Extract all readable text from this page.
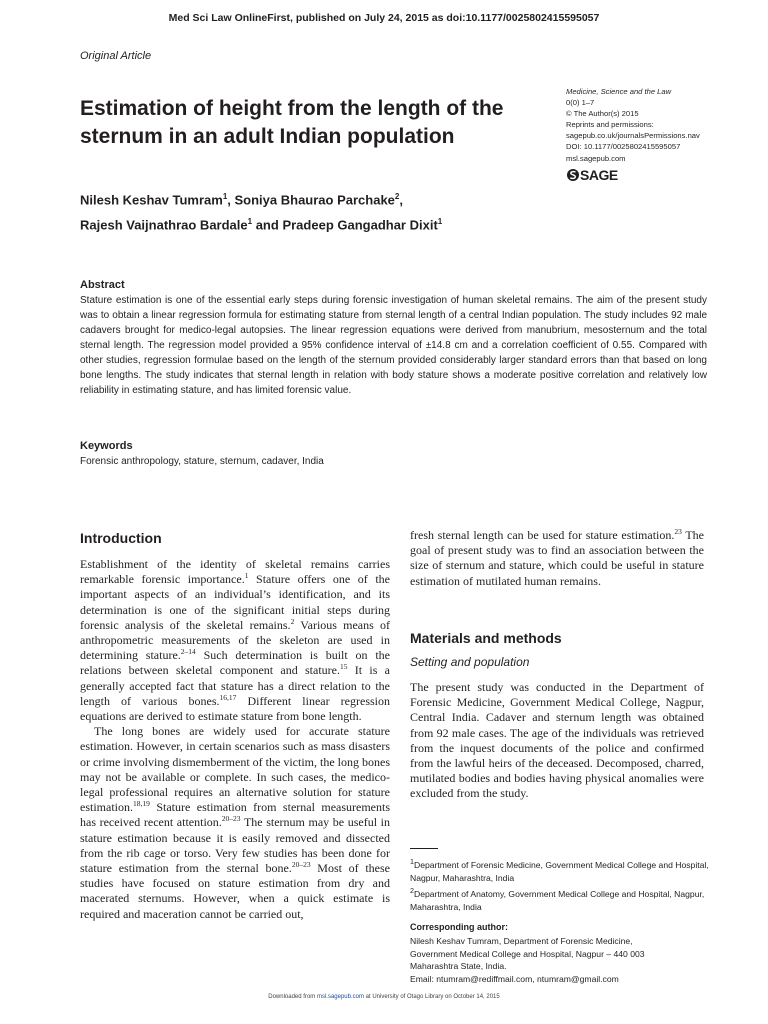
Med Sci Law OnlineFirst, published on July 24, 2015 as doi:10.1177/0025802415595057
Original Article
Estimation of height from the length of the sternum in an adult Indian population
Medicine, Science and the Law
0(0) 1–7
© The Author(s) 2015
Reprints and permissions:
sagepub.co.uk/journalsPermissions.nav
DOI: 10.1177/0025802415595057
msl.sagepub.com
SAGE
Nilesh Keshav Tumram$^1$, Soniya Bhaurao Parchake$^2$,
Rajesh Vaijnathrao Bardale$^1$ and Pradeep Gangadhar Dixit$^1$
Abstract

Stature estimation is one of the essential early steps during forensic investigation of human skeletal remains. The aim of the present study was to obtain a linear regression formula for estimating stature from sternal length of a central Indian population. The study includes 92 male cadavers brought for medico-legal autopsies. The linear regression equations were derived from manubrium, mesosternum and the total sternal length. The regression model provided a 95% confidence interval of ±14.8 cm and a correlation coefficient of 0.55. Compared with other studies, regression formulae based on the length of the sternum provided considerably larger standard errors than that based on long bone lengths. The study indicates that sternal length in relation with body stature shows a moderate positive correlation and relatively low reliability in estimating stature, and has limited forensic value.

Keywords
Forensic anthropology, stature, sternum, cadaver, India
Introduction

Establishment of the identity of skeletal remains carries remarkable forensic importance.$^1$ Stature offers one of the important aspects of an individual’s identification, and its determination is one of the significant initial steps during forensic analysis of the skeletal remains.$^2$ Various means of anthropometric measurements of the skeleton are used in determining stature.$^{2-14}$ Such determination is built on the relations between skeletal component and stature.$^{15}$ It is a generally accepted fact that stature has a direct relation to the length of various bones.$^{16,17}$ Different linear regression equations are derived to estimate stature from bone length.

The long bones are widely used for accurate stature estimation. However, in certain scenarios such as mass disasters or crime involving dismemberment of the victim, the long bones may not be available or complete. In such cases, the medico-legal professional requires an alternative solution for stature estimation.$^{18,19}$ Stature estimation from sternal measurements has received recent attention.$^{20-23}$ The sternum may be useful in stature estimation because it is easily removed and dissected from the rib cage or torso. Very few studies has been done for stature estimation from the sternal bone.$^{20-23}$ Most of these studies have focused on stature estimation from dry and macerated sternums. However, when a quick estimate is required and maceration cannot be carried out,

fresh sternal length can be used for stature estimation.$^{23}$ The goal of present study was to find an association between the size of sternum and stature, which could be useful in stature estimation of mutilated human remains.

Materials and methods
Setting and population

The present study was conducted in the Department of Forensic Medicine, Government Medical College, Nagpur, Central India. Cadaver and sternum length was obtained from 92 male cases. The age of the individuals was retrieved from the inquest documents of the police and confirmed from the lawful heirs of the deceased. Decomposed, charred, mutilated bodies and bodies having physical anomalies were excluded from the study.

$^1$Department of Forensic Medicine, Government Medical College and Hospital, Nagpur, Maharashtra, India

$^2$Department of Anatomy, Government Medical College and Hospital, Nagpur, Maharashtra, India

Corresponding author:
Nilesh Keshav Tumram, Department of Forensic Medicine,
Government Medical College and Hospital, Nagpur – 440 003
Maharashtra State, India.
Email: ntumram@rediffmail.com, ntumram@gmail.com
Downloaded from msl.sagepub.com at University of Otago Library on October 14, 2015
